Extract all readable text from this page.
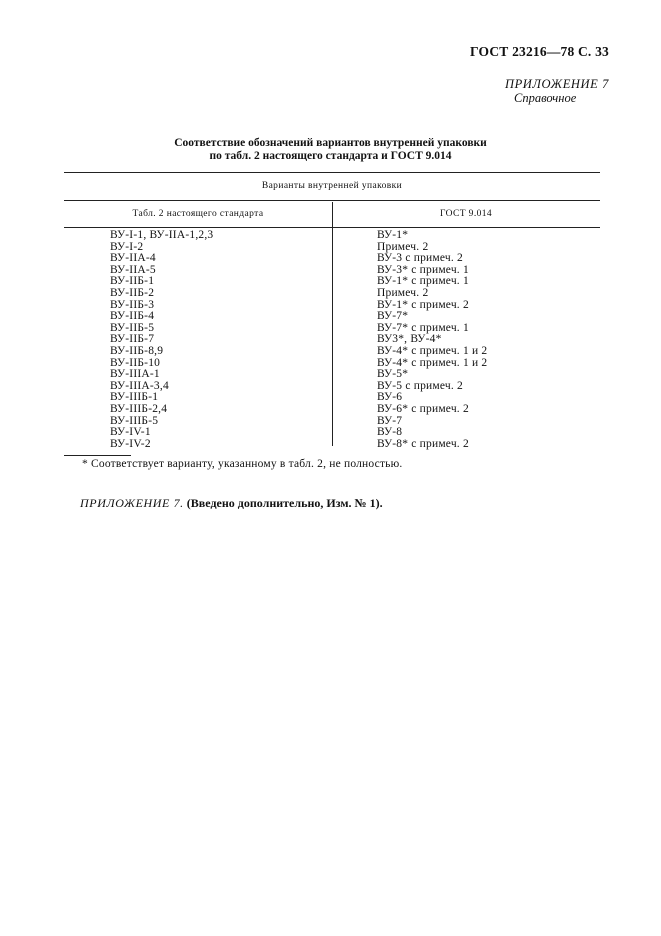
ГОСТ 23216—78 С. 33
ПРИЛОЖЕНИЕ 7
Справочное
Соответствие обозначений вариантов внутренней упаковки
по табл. 2 настоящего стандарта и ГОСТ 9.014
Варианты внутренней упаковки
Табл. 2 настоящего стандарта	ГОСТ 9.014
ВУ-I-1, ВУ-IIA-1,2,3
ВУ-I-2
ВУ-IIA-4
ВУ-IIA-5
ВУ-IIБ-1
ВУ-IIБ-2
ВУ-IIБ-3
ВУ-IIБ-4
ВУ-IIБ-5
ВУ-IIБ-7
ВУ-IIБ-8,9
ВУ-IIБ-10
ВУ-IIIA-1
ВУ-IIIA-3,4
ВУ-IIIБ-1
ВУ-IIIБ-2,4
ВУ-IIIБ-5
ВУ-IV-1
ВУ-IV-2
ВУ-1*
Примеч. 2
ВУ-3 с примеч. 2
ВУ-3* с примеч. 1
ВУ-1* с примеч. 1
Примеч. 2
ВУ-1* с примеч. 2
ВУ-7*
ВУ-7* с примеч. 1
ВУ3*, ВУ-4*
ВУ-4* с примеч. 1 и 2
ВУ-4* с примеч. 1 и 2
ВУ-5*
ВУ-5 с примеч. 2
ВУ-6
ВУ-6* с примеч. 2
ВУ-7
ВУ-8
ВУ-8* с примеч. 2
* Соответствует варианту, указанному в табл. 2, не полностью.
ПРИЛОЖЕНИЕ 7. (Введено дополнительно, Изм. № 1).
